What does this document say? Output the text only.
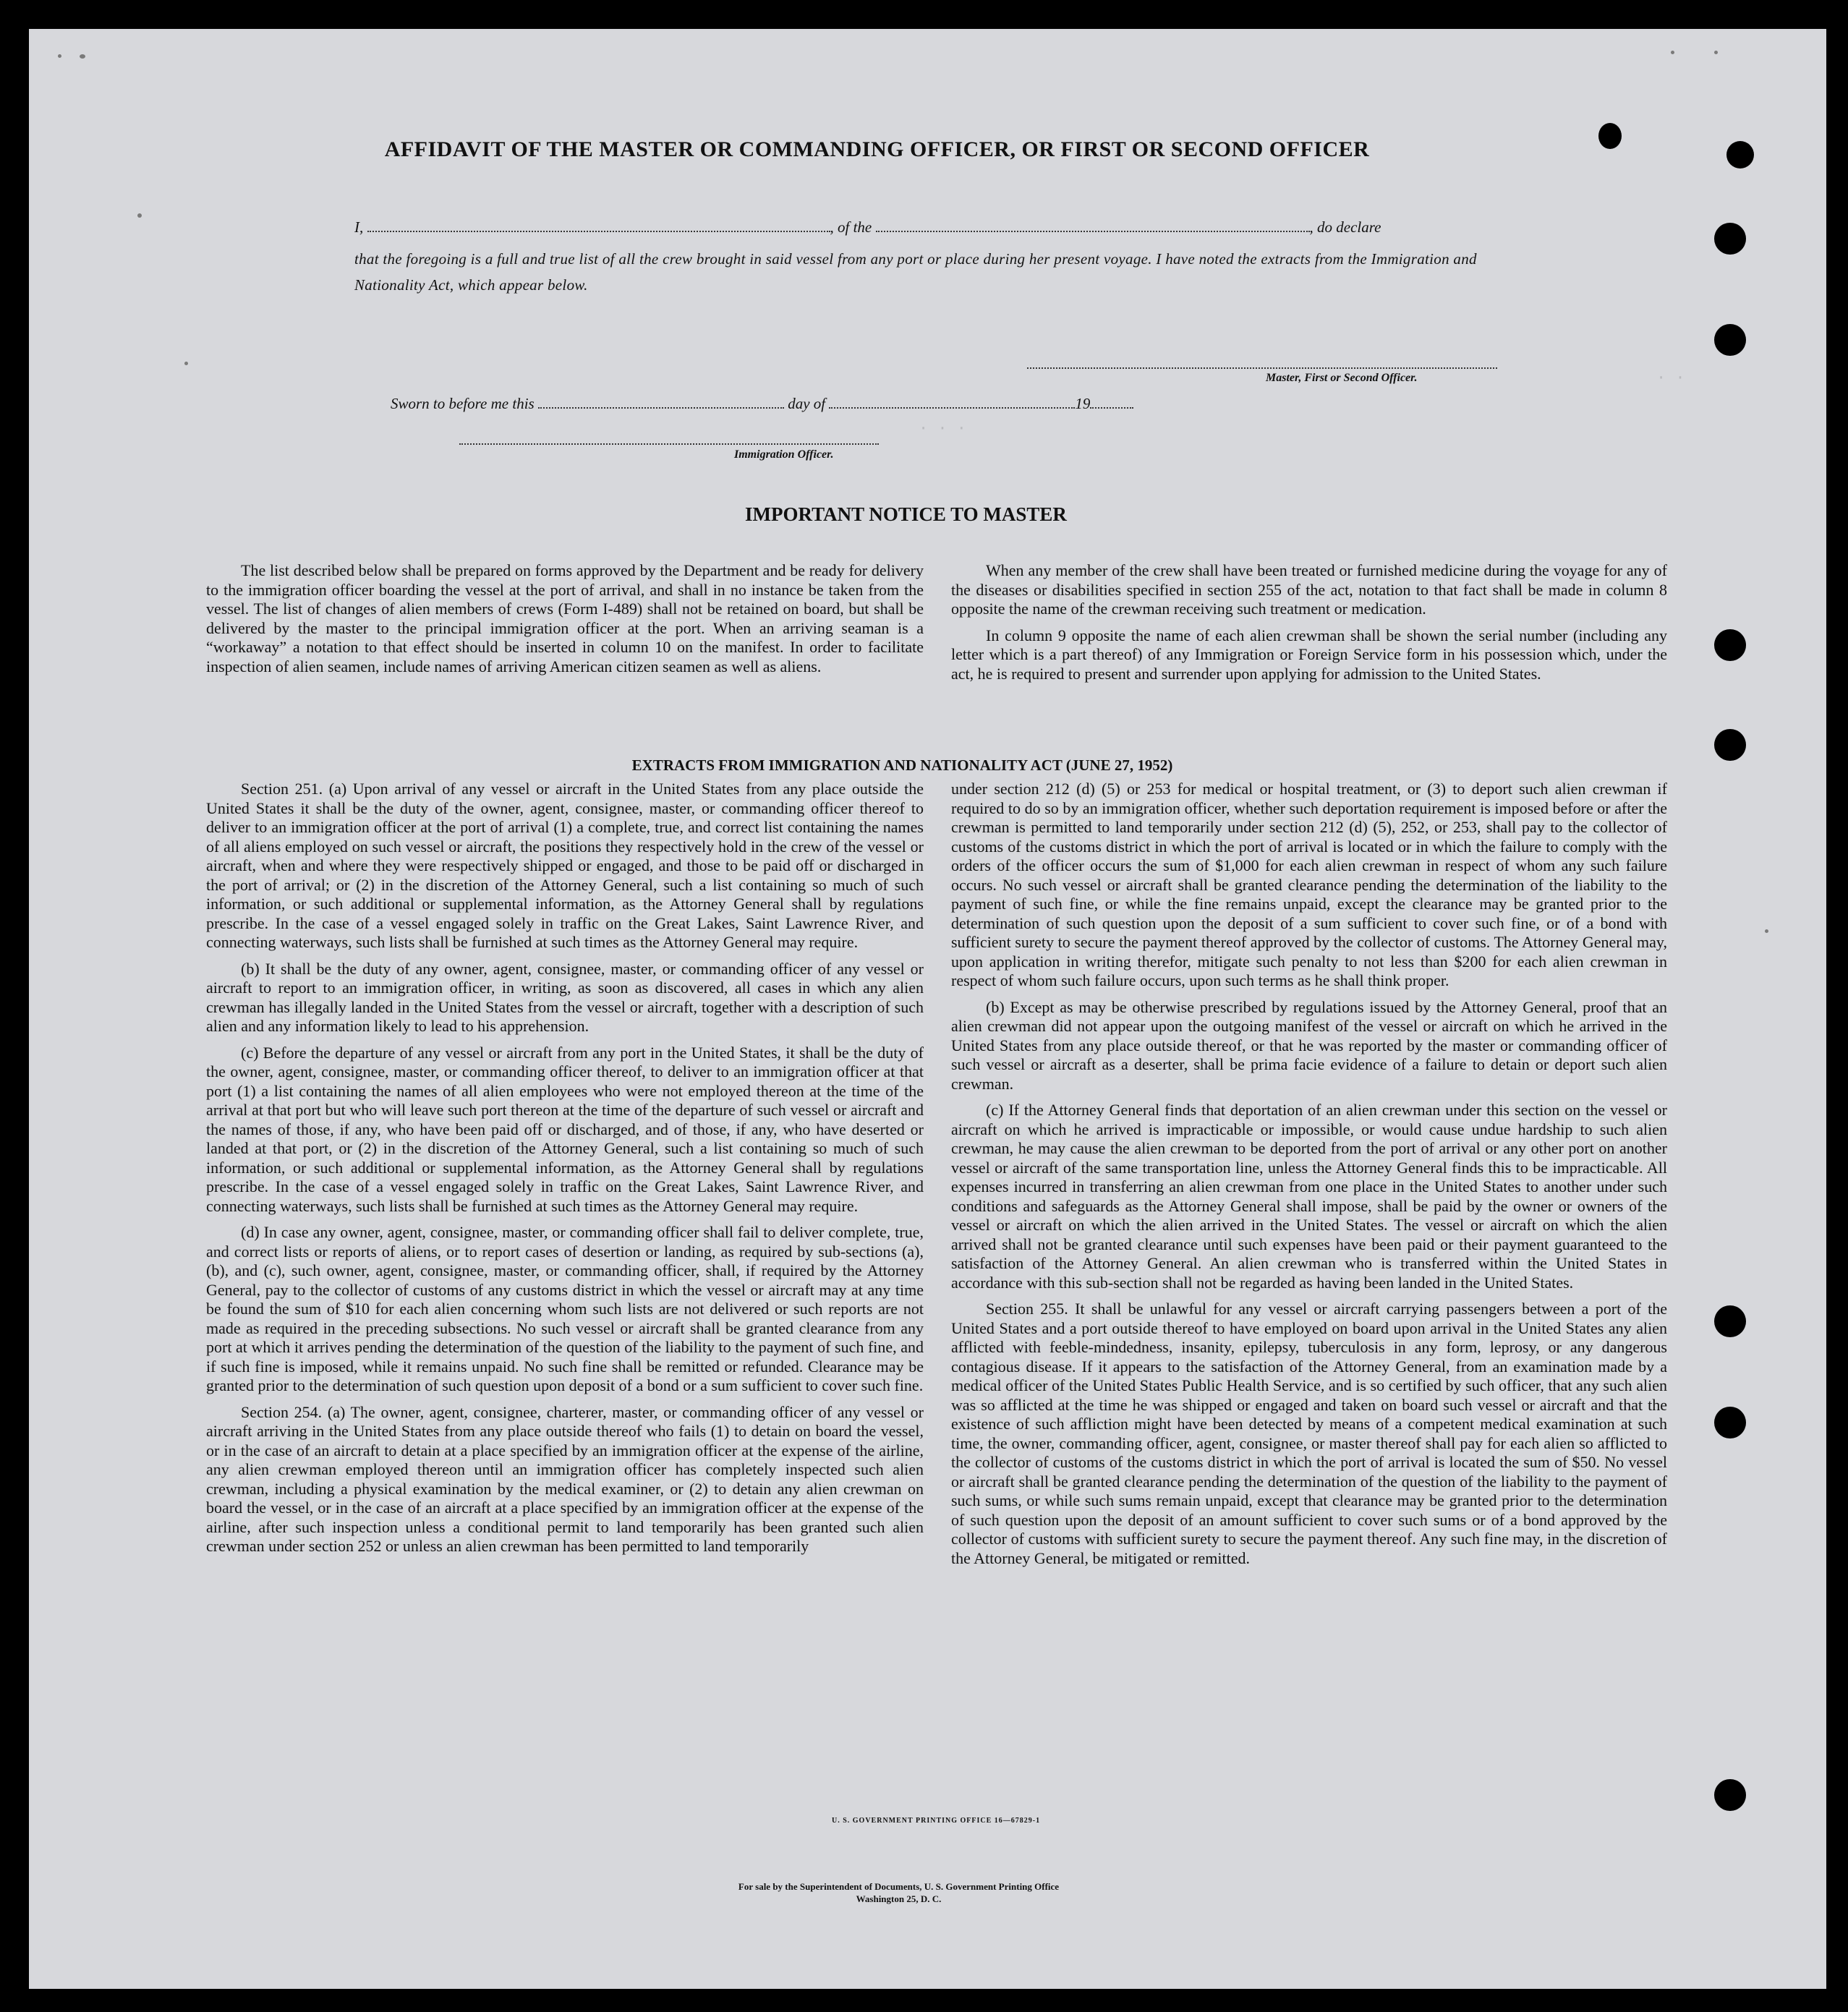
· · ·
· ·
AFFIDAVIT OF THE MASTER OR COMMANDING OFFICER, OR FIRST OR SECOND OFFICER
I,	, of the	, do declare
that the foregoing is a full and true list of all the crew brought in said vessel from any port or place during her present voyage. I have noted the extracts from the Immigration and Nationality Act, which appear below.
Master, First or Second Officer.
Sworn to before me this	day of	19
Immigration Officer.
IMPORTANT NOTICE TO MASTER

The list described below shall be prepared on forms approved by the Department and be ready for delivery to the immigration officer boarding the vessel at the port of arrival, and shall in no instance be taken from the vessel. The list of changes of alien members of crews (Form I-489) shall not be retained on board, but shall be delivered by the master to the principal immigration officer at the port. When an arriving seaman is a “workaway” a notation to that effect should be inserted in column 10 on the manifest. In order to facilitate inspection of alien seamen, include names of arriving American citizen seamen as well as aliens.

When any member of the crew shall have been treated or furnished medicine during the voyage for any of the diseases or disabilities specified in section 255 of the act, notation to that fact shall be made in column 8 opposite the name of the crewman receiving such treatment or medication.

In column 9 opposite the name of each alien crewman shall be shown the serial number (including any letter which is a part thereof) of any Immigration or Foreign Service form in his possession which, under the act, he is required to present and surrender upon applying for admission to the United States.

EXTRACTS FROM IMMIGRATION AND NATIONALITY ACT (JUNE 27, 1952)

Section 251. (a) Upon arrival of any vessel or aircraft in the United States from any place outside the United States it shall be the duty of the owner, agent, consignee, master, or commanding officer thereof to deliver to an immigration officer at the port of arrival (1) a complete, true, and correct list containing the names of all aliens employed on such vessel or aircraft, the positions they respectively hold in the crew of the vessel or aircraft, when and where they were respectively shipped or engaged, and those to be paid off or discharged in the port of arrival; or (2) in the discretion of the Attorney General, such a list containing so much of such information, or such additional or supplemental information, as the Attorney General shall by regulations prescribe. In the case of a vessel engaged solely in traffic on the Great Lakes, Saint Lawrence River, and connecting waterways, such lists shall be furnished at such times as the Attorney General may require.

(b) It shall be the duty of any owner, agent, consignee, master, or commanding officer of any vessel or aircraft to report to an immigration officer, in writing, as soon as discovered, all cases in which any alien crewman has illegally landed in the United States from the vessel or aircraft, together with a description of such alien and any information likely to lead to his apprehension.

(c) Before the departure of any vessel or aircraft from any port in the United States, it shall be the duty of the owner, agent, consignee, master, or commanding officer thereof, to deliver to an immigration officer at that port (1) a list containing the names of all alien employees who were not employed thereon at the time of the arrival at that port but who will leave such port thereon at the time of the departure of such vessel or aircraft and the names of those, if any, who have been paid off or discharged, and of those, if any, who have deserted or landed at that port, or (2) in the discretion of the Attorney General, such a list containing so much of such information, or such additional or supplemental information, as the Attorney General shall by regulations prescribe. In the case of a vessel engaged solely in traffic on the Great Lakes, Saint Lawrence River, and connecting waterways, such lists shall be furnished at such times as the Attorney General may require.

(d) In case any owner, agent, consignee, master, or commanding officer shall fail to deliver complete, true, and correct lists or reports of aliens, or to report cases of desertion or landing, as required by sub-sections (a), (b), and (c), such owner, agent, consignee, master, or commanding officer, shall, if required by the Attorney General, pay to the collector of customs of any customs district in which the vessel or aircraft may at any time be found the sum of $10 for each alien concerning whom such lists are not delivered or such reports are not made as required in the preceding subsections. No such vessel or aircraft shall be granted clearance from any port at which it arrives pending the determination of the question of the liability to the payment of such fine, and if such fine is imposed, while it remains unpaid. No such fine shall be remitted or refunded. Clearance may be granted prior to the determination of such question upon deposit of a bond or a sum sufficient to cover such fine.

Section 254. (a) The owner, agent, consignee, charterer, master, or commanding officer of any vessel or aircraft arriving in the United States from any place outside thereof who fails (1) to detain on board the vessel, or in the case of an aircraft to detain at a place specified by an immigration officer at the expense of the airline, any alien crewman employed thereon until an immigration officer has completely inspected such alien crewman, including a physical examination by the medical examiner, or (2) to detain any alien crewman on board the vessel, or in the case of an aircraft at a place specified by an immigration officer at the expense of the airline, after such inspection unless a conditional permit to land temporarily has been granted such alien crewman under section 252 or unless an alien crewman has been permitted to land temporarily

under section 212 (d) (5) or 253 for medical or hospital treatment, or (3) to deport such alien crewman if required to do so by an immigration officer, whether such deportation requirement is imposed before or after the crewman is permitted to land temporarily under section 212 (d) (5), 252, or 253, shall pay to the collector of customs of the customs district in which the port of arrival is located or in which the failure to comply with the orders of the officer occurs the sum of $1,000 for each alien crewman in respect of whom any such failure occurs. No such vessel or aircraft shall be granted clearance pending the determination of the liability to the payment of such fine, or while the fine remains unpaid, except the clearance may be granted prior to the determination of such question upon the deposit of a sum sufficient to cover such fine, or of a bond with sufficient surety to secure the payment thereof approved by the collector of customs. The Attorney General may, upon application in writing therefor, mitigate such penalty to not less than $200 for each alien crewman in respect of whom such failure occurs, upon such terms as he shall think proper.

(b) Except as may be otherwise prescribed by regulations issued by the Attorney General, proof that an alien crewman did not appear upon the outgoing manifest of the vessel or aircraft on which he arrived in the United States from any place outside thereof, or that he was reported by the master or commanding officer of such vessel or aircraft as a deserter, shall be prima facie evidence of a failure to detain or deport such alien crewman.

(c) If the Attorney General finds that deportation of an alien crewman under this section on the vessel or aircraft on which he arrived is impracticable or impossible, or would cause undue hardship to such alien crewman, he may cause the alien crewman to be deported from the port of arrival or any other port on another vessel or aircraft of the same transportation line, unless the Attorney General finds this to be impracticable. All expenses incurred in transferring an alien crewman from one place in the United States to another under such conditions and safeguards as the Attorney General shall impose, shall be paid by the owner or owners of the vessel or aircraft on which the alien arrived in the United States. The vessel or aircraft on which the alien arrived shall not be granted clearance until such expenses have been paid or their payment guaranteed to the satisfaction of the Attorney General. An alien crewman who is transferred within the United States in accordance with this sub-section shall not be regarded as having been landed in the United States.

Section 255. It shall be unlawful for any vessel or aircraft carrying passengers between a port of the United States and a port outside thereof to have employed on board upon arrival in the United States any alien afflicted with feeble-mindedness, insanity, epilepsy, tuberculosis in any form, leprosy, or any dangerous contagious disease. If it appears to the satisfaction of the Attorney General, from an examination made by a medical officer of the United States Public Health Service, and is so certified by such officer, that any such alien was so afflicted at the time he was shipped or engaged and taken on board such vessel or aircraft and that the existence of such affliction might have been detected by means of a competent medical examination at such time, the owner, commanding officer, agent, consignee, or master thereof shall pay for each alien so afflicted to the collector of customs of the customs district in which the port of arrival is located the sum of $50. No vessel or aircraft shall be granted clearance pending the determination of the question of the liability to the payment of such sums, or while such sums remain unpaid, except that clearance may be granted prior to the determination of such question upon the deposit of an amount sufficient to cover such sums or of a bond approved by the collector of customs with sufficient surety to secure the payment thereof. Any such fine may, in the discretion of the Attorney General, be mitigated or remitted.

U. S. GOVERNMENT PRINTING OFFICE 16—67829-1
For sale by the Superintendent of Documents, U. S. Government Printing Office
Washington 25, D. C.
